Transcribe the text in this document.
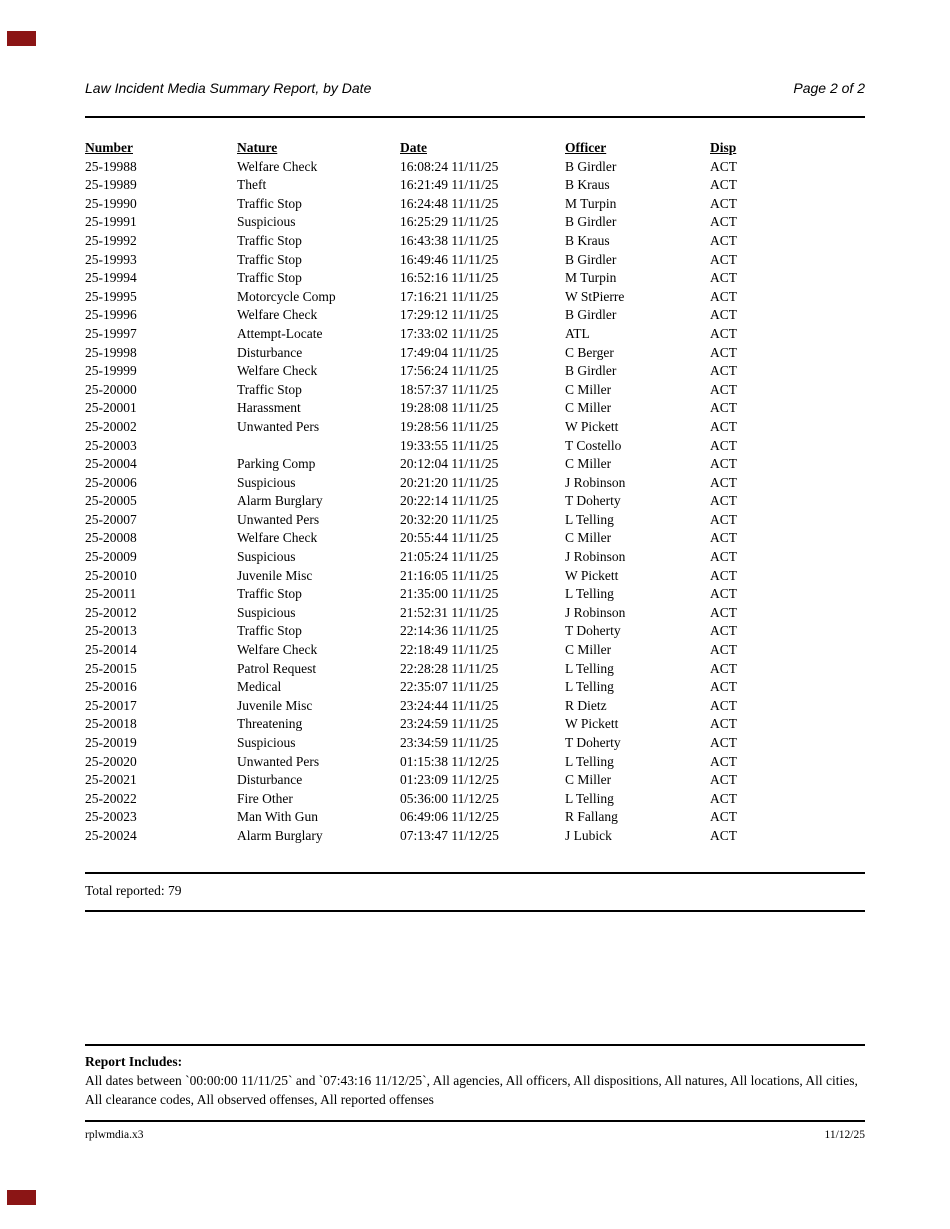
Law Incident Media Summary Report, by Date	Page 2 of 2
Number	Nature	Date	Officer	Disp
25-19988	Welfare Check	16:08:24 11/11/25	B Girdler	ACT
25-19989	Theft	16:21:49 11/11/25	B Kraus	ACT
25-19990	Traffic Stop	16:24:48 11/11/25	M Turpin	ACT
25-19991	Suspicious	16:25:29 11/11/25	B Girdler	ACT
25-19992	Traffic Stop	16:43:38 11/11/25	B Kraus	ACT
25-19993	Traffic Stop	16:49:46 11/11/25	B Girdler	ACT
25-19994	Traffic Stop	16:52:16 11/11/25	M Turpin	ACT
25-19995	Motorcycle Comp	17:16:21 11/11/25	W StPierre	ACT
25-19996	Welfare Check	17:29:12 11/11/25	B Girdler	ACT
25-19997	Attempt-Locate	17:33:02 11/11/25	ATL	ACT
25-19998	Disturbance	17:49:04 11/11/25	C Berger	ACT
25-19999	Welfare Check	17:56:24 11/11/25	B Girdler	ACT
25-20000	Traffic Stop	18:57:37 11/11/25	C Miller	ACT
25-20001	Harassment	19:28:08 11/11/25	C Miller	ACT
25-20002	Unwanted Pers	19:28:56 11/11/25	W Pickett	ACT
25-20003		19:33:55 11/11/25	T Costello	ACT
25-20004	Parking Comp	20:12:04 11/11/25	C Miller	ACT
25-20006	Suspicious	20:21:20 11/11/25	J Robinson	ACT
25-20005	Alarm Burglary	20:22:14 11/11/25	T Doherty	ACT
25-20007	Unwanted Pers	20:32:20 11/11/25	L Telling	ACT
25-20008	Welfare Check	20:55:44 11/11/25	C Miller	ACT
25-20009	Suspicious	21:05:24 11/11/25	J Robinson	ACT
25-20010	Juvenile Misc	21:16:05 11/11/25	W Pickett	ACT
25-20011	Traffic Stop	21:35:00 11/11/25	L Telling	ACT
25-20012	Suspicious	21:52:31 11/11/25	J Robinson	ACT
25-20013	Traffic Stop	22:14:36 11/11/25	T Doherty	ACT
25-20014	Welfare Check	22:18:49 11/11/25	C Miller	ACT
25-20015	Patrol Request	22:28:28 11/11/25	L Telling	ACT
25-20016	Medical	22:35:07 11/11/25	L Telling	ACT
25-20017	Juvenile Misc	23:24:44 11/11/25	R Dietz	ACT
25-20018	Threatening	23:24:59 11/11/25	W Pickett	ACT
25-20019	Suspicious	23:34:59 11/11/25	T Doherty	ACT
25-20020	Unwanted Pers	01:15:38 11/12/25	L Telling	ACT
25-20021	Disturbance	01:23:09 11/12/25	C Miller	ACT
25-20022	Fire Other	05:36:00 11/12/25	L Telling	ACT
25-20023	Man With Gun	06:49:06 11/12/25	R Fallang	ACT
25-20024	Alarm Burglary	07:13:47 11/12/25	J Lubick	ACT
Total reported: 79
Report Includes:
All dates between `00:00:00 11/11/25` and `07:43:16 11/12/25`, All agencies, All officers, All dispositions, All natures, All locations, All cities, All clearance codes, All observed offenses, All reported offenses
rplwmdia.x3	11/12/25
